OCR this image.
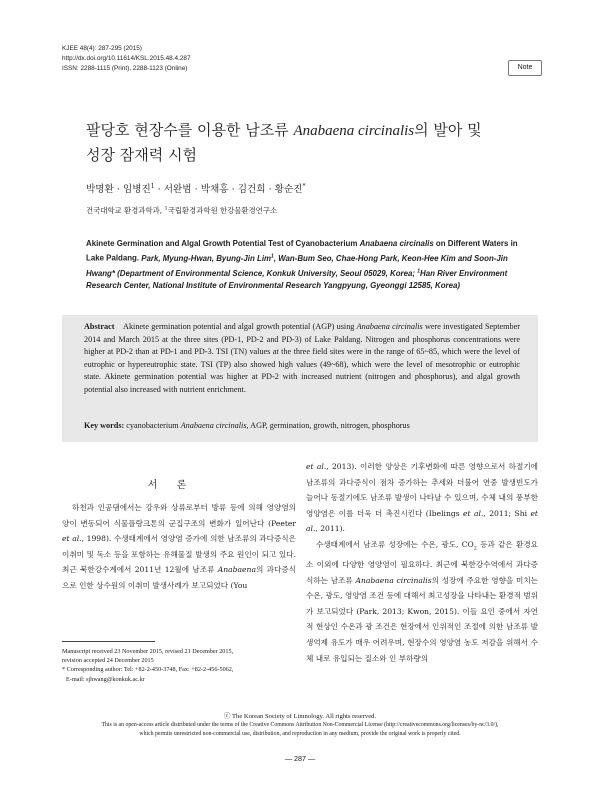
KJEE 48(4): 287-295 (2015)
http://dx.doi.org/10.11614/KSL.2015.48.4.287
ISSN: 2288-1115 (Print), 2288-1123 (Online)	Note
팔당호 현장수를 이용한 남조류 Anabaena circinalis의 발아 및
성장 잠재력 시험
박명환 · 임병진$^1$ · 서완범 · 박채홍 · 김건희 · 황순진*
건국대학교 환경과학과, $^1$국립환경과학원 한강물환경연구소
Akinete Germination and Algal Growth Potential Test of Cyanobacterium Anabaena circinalis on Different Waters in Lake Paldang. Park, Myung-Hwan, Byung-Jin Lim$^1$, Wan-Bum Seo, Chae-Hong Park, Keon-Hee Kim and Soon-Jin Hwang* (Department of Environmental Science, Konkuk University, Seoul 05029, Korea; $^1$Han River Environment Research Center, National Institute of Environmental Research Yangpyung, Gyeonggi 12585, Korea)
Abstract Akinete germination potential and algal growth potential (AGP) using Anabaena circinalis were investigated September 2014 and March 2015 at the three sites (PD-1, PD-2 and PD-3) of Lake Paldang. Nitrogen and phosphorus concentrations were higher at PD-2 than at PD-1 and PD-3. TSI (TN) values at the three field sites were in the range of 65~85, which were the level of eutrophic or hypereutrophic state. TSI (TP) also showed high values (49~68), which were the level of mesotrophic or eutrophic state. Akinete germination potential was higher at PD-2 with increased nutrient (nitrogen and phosphorus), and algal growth potential also increased with nutrient enrichment.
Key words: cyanobacterium Anabaena circinalis, AGP, germination, growth, nitrogen, phosphorus
서 론
하천과 인공댐에서는 강우와 상류로부터 방류 등에 의해 영양염의 양이 변동되어 식물플랑크톤의 군집구조의 변화가 일어난다 (Peeter et al., 1998). 수생태계에서 영양염 증가에 의한 남조류의 과다증식은 이취미 및 독소 등을 포함하는 유해물질 발생의 주요 원인이 되고 있다. 최근 북한강수계에서 2011년 12월에 남조류 Anabaena의 과다증식으로 인한 상수원의 이취미 발생사례가 보고되었다 (You
et al., 2013). 이러한 양상은 기후변화에 따른 영향으로서 하절기에 남조류의 과다증식이 점차 증가하는 추세와 더불어 연중 발생빈도가 늘어나 동절기에도 남조류 발생이 나타날 수 있으며, 수체 내의 풍부한 영양염은 이를 더욱 더 촉진시킨다 (Ibelings et al., 2011; Shi et al., 2011).
수생태계에서 남조류 성장에는 수온, 광도, $CO_2$ 등과 같은 환경요소 이외에 다양한 영양염이 필요하다. 최근에 북한강수역에서 과다증식하는 남조류 Anabaena circinalis의 성장에 주요한 영향을 미치는 수온, 광도, 영양염 조건 등에 대해서 최고성장을 나타내는 환경적 범위가 보고되었다 (Park, 2013; Kwon, 2015). 이들 요인 중에서 자연적 현상인 수온과 광 조건은 현장에서 인위적인 조절에 의한 남조류 발생억제 유도가 매우 어려우며, 현장수의 영양염 농도 저감을 위해서 수체 내로 유입되는 질소와 인 부하량의
Manuscript received 23 November 2015, revised 21 December 2015,
revision accepted 24 December 2015
* Corresponding author: Tel: +82-2-450-3748, Fax: +82-2-456-5062,
E-mail: sjhwang@konkuk.ac.kr
ⓒ The Korean Society of Limnology. All rights reserved.
This is an open-access article distributed under the terms of the Creative Commons Attribution Non-Commercial License (http://creativecommons.org/licenses/by-nc/3.0/),
which permits unrestricted non-commercial use, distribution, and reproduction in any medium, provide the original work is properly cited.
— 287 —
